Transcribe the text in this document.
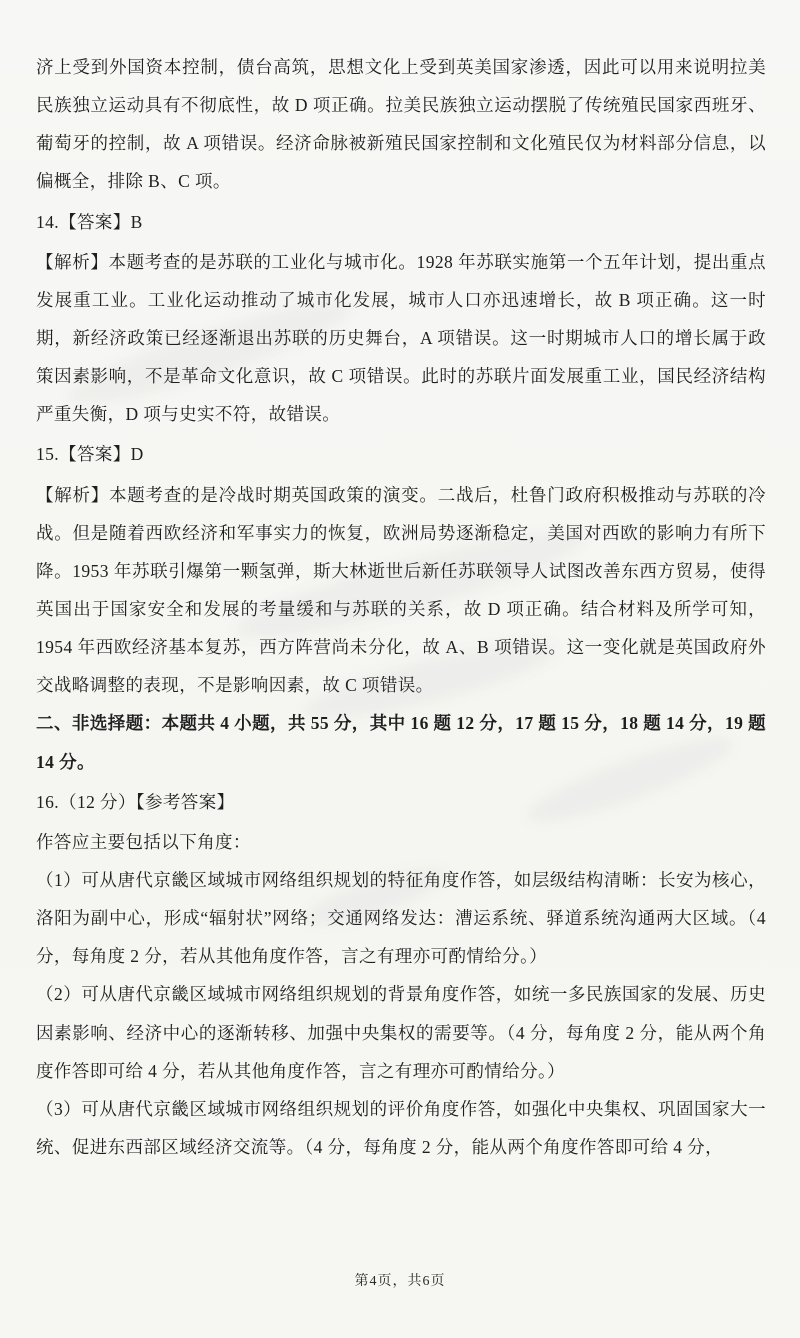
济上受到外国资本控制，债台高筑，思想文化上受到英美国家渗透，因此可以用来说明拉美民族独立运动具有不彻底性，故 D 项正确。拉美民族独立运动摆脱了传统殖民国家西班牙、葡萄牙的控制，故 A 项错误。经济命脉被新殖民国家控制和文化殖民仅为材料部分信息，以偏概全，排除 B、C 项。

14.【答案】B

【解析】本题考查的是苏联的工业化与城市化。1928 年苏联实施第一个五年计划，提出重点发展重工业。工业化运动推动了城市化发展，城市人口亦迅速增长，故 B 项正确。这一时期，新经济政策已经逐渐退出苏联的历史舞台，A 项错误。这一时期城市人口的增长属于政策因素影响，不是革命文化意识，故 C 项错误。此时的苏联片面发展重工业，国民经济结构严重失衡，D 项与史实不符，故错误。

15.【答案】D

【解析】本题考查的是冷战时期英国政策的演变。二战后，杜鲁门政府积极推动与苏联的冷战。但是随着西欧经济和军事实力的恢复，欧洲局势逐渐稳定，美国对西欧的影响力有所下降。1953 年苏联引爆第一颗氢弹，斯大林逝世后新任苏联领导人试图改善东西方贸易，使得英国出于国家安全和发展的考量缓和与苏联的关系，故 D 项正确。结合材料及所学可知，1954 年西欧经济基本复苏，西方阵营尚未分化，故 A、B 项错误。这一变化就是英国政府外交战略调整的表现，不是影响因素，故 C 项错误。

二、非选择题：本题共 4 小题，共 55 分，其中 16 题 12 分，17 题 15 分，18 题 14 分，19 题 14 分。

16.（12 分）【参考答案】

作答应主要包括以下角度：

（1）可从唐代京畿区域城市网络组织规划的特征角度作答，如层级结构清晰：长安为核心，洛阳为副中心，形成“辐射状”网络；交通网络发达：漕运系统、驿道系统沟通两大区域。（4 分，每角度 2 分，若从其他角度作答，言之有理亦可酌情给分。）

（2）可从唐代京畿区域城市网络组织规划的背景角度作答，如统一多民族国家的发展、历史因素影响、经济中心的逐渐转移、加强中央集权的需要等。（4 分，每角度 2 分，能从两个角度作答即可给 4 分，若从其他角度作答，言之有理亦可酌情给分。）

（3）可从唐代京畿区域城市网络组织规划的评价角度作答，如强化中央集权、巩固国家大一统、促进东西部区域经济交流等。（4 分，每角度 2 分，能从两个角度作答即可给 4 分，

第4页，共6页
